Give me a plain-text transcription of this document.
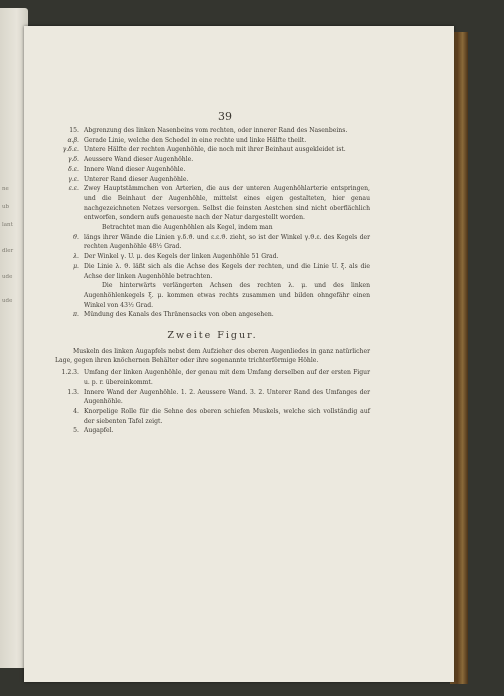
ne
ub
lant
dler
ude
ude
39
15. Abgrenzung des linken Nasenbeins vom rechten, oder innerer Rand des Nasenbeins.
α.β. Gerade Linie, welche den Schedel in eine rechte und linke Hälfte theilt.
γ.δ.ε. Untere Hälfte der rechten Augenhöhle, die noch mit ihrer Beinhaut ausgekleidet ist.
γ.δ. Aeussere Wand dieser Augenhöhle.
δ.ε. Innere Wand dieser Augenhöhle.
γ.ε. Unterer Rand dieser Augenhöhle.
ε.ε. Zwey Hauptstämmchen von Arterien, die aus der unteren Augenhöhlarterie entspringen, und die Beinhaut der Augenhöhle, mittelst eines eigen gestalteten, hier genau nachgezeichneten Netzes versorgen. Selbst die feinsten Aestchen sind nicht oberflächlich entworfen, sondern aufs genaueste nach der Natur dargestellt worden.
Betrachtet man die Augenhöhlen als Kegel, indem man
ϑ. längs ihrer Wände die Linien γ.δ.ϑ. und ε.ε.ϑ. zieht, so ist der Winkel γ.ϑ.ε. des Kegels der rechten Augenhöhle 48½ Grad.
λ. Der Winkel γ. U. μ. des Kegels der linken Augenhöhle 51 Grad.
μ. Die Linie λ. ϑ. läßt sich als die Achse des Kegels der rechten, und die Linie U. ξ. als die Achse der linken Augenhöhle betrachten.
Die hinterwärts verlängerten Achsen des rechten λ. μ. und des linken Augenhöhlenkegels ξ. μ. kommen etwas rechts zusammen und bilden ohngefähr einen Winkel von 43½ Grad.
π. Mündung des Kanals des Thränensacks von oben angesehen.
Zweite Figur.
Muskeln des linken Augapfels nebst dem Aufzieher des oberen Augenliedes in ganz natürlicher Lage, gegen ihren knöchernen Behälter oder ihre sogenannte trichterförmige Höhle.
1.2.3. Umfang der linken Augenhöhle, der genau mit dem Umfang derselben auf der ersten Figur u. p. r. übereinkommt.
1.3. Innere Wand der Augenhöhle. 1. 2. Aeussere Wand. 3. 2. Unterer Rand des Umfanges der Augenhöhle.
4. Knorpelige Rolle für die Sehne des oberen schiefen Muskels, welche sich vollständig auf der siebenten Tafel zeigt.
5. Augapfel.
